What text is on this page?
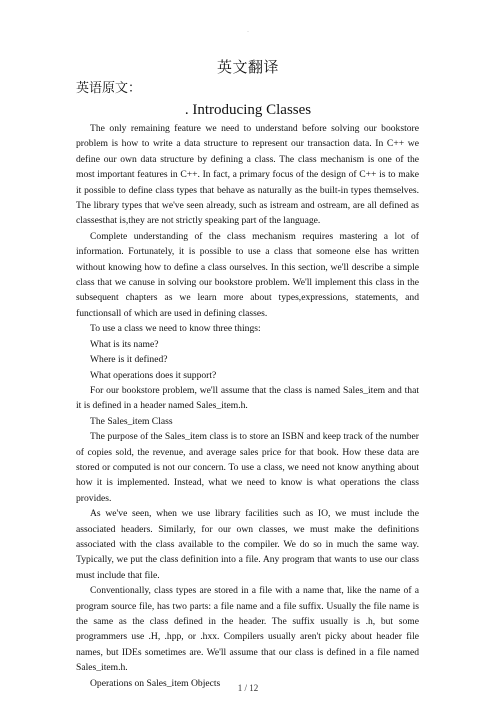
.
英文翻译
英语原文：
. Introducing Classes

The only remaining feature we need to understand before solving our bookstore problem is how to write a data structure to represent our transaction data. In C++ we define our own data structure by defining a class. The class mechanism is one of the most important features in C++. In fact, a primary focus of the design of C++ is to make it possible to define class types that behave as naturally as the built-in types themselves. The library types that we've seen already, such as istream and ostream, are all defined as classesthat is,they are not strictly speaking part of the language.

Complete understanding of the class mechanism requires mastering a lot of information. Fortunately, it is possible to use a class that someone else has written without knowing how to define a class ourselves. In this section, we'll describe a simple class that we canuse in solving our bookstore problem. We'll implement this class in the subsequent chapters as we learn more about types,expressions, statements, and functionsall of which are used in defining classes.

To use a class we need to know three things:

What is its name?

Where is it defined?

What operations does it support?

For our bookstore problem, we'll assume that the class is named Sales_item and that it is defined in a header named Sales_item.h.

The Sales_item Class

The purpose of the Sales_item class is to store an ISBN and keep track of the number of copies sold, the revenue, and average sales price for that book. How these data are stored or computed is not our concern. To use a class, we need not know anything about how it is implemented. Instead, what we need to know is what operations the class provides.

As we've seen, when we use library facilities such as IO, we must include the associated headers. Similarly, for our own classes, we must make the definitions associated with the class available to the compiler. We do so in much the same way. Typically, we put the class definition into a file. Any program that wants to use our class must include that file.

Conventionally, class types are stored in a file with a name that, like the name of a program source file, has two parts: a file name and a file suffix. Usually the file name is the same as the class defined in the header. The suffix usually is .h, but some programmers use .H, .hpp, or .hxx. Compilers usually aren't picky about header file names, but IDEs sometimes are. We'll assume that our class is defined in a file named Sales_item.h.

Operations on Sales_item Objects	1 / 12
